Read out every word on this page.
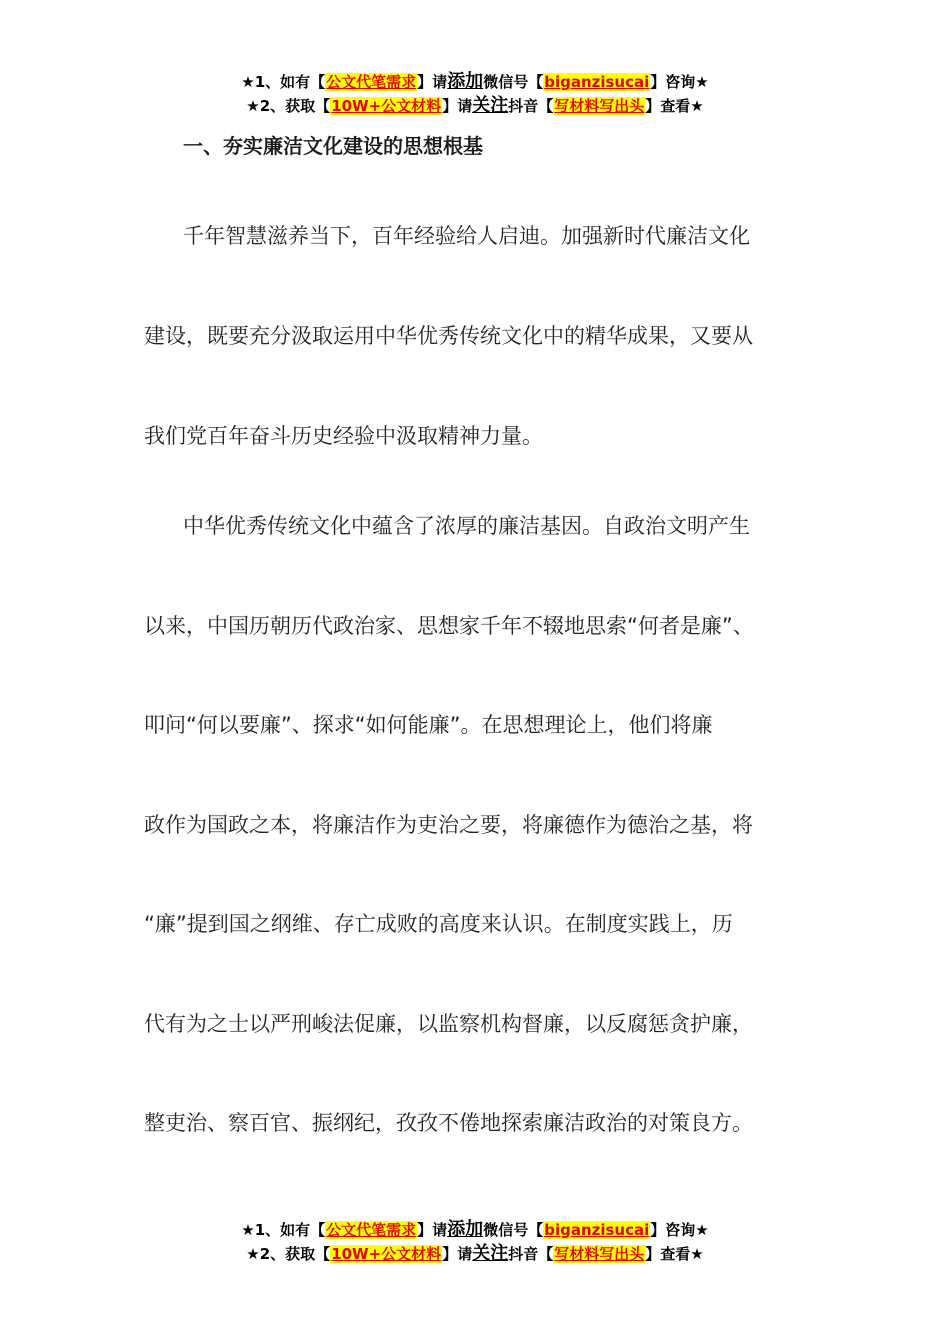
★1、如有【公文代笔需求】请添加微信号【biganzisucai】咨询★
★2、获取【10W+公文材料】请关注抖音【写材料写出头】查看★
一、夯实廉洁文化建设的思想根基
千年智慧滋养当下，百年经验给人启迪。加强新时代廉洁文化
建设，既要充分汲取运用中华优秀传统文化中的精华成果，又要从
我们党百年奋斗历史经验中汲取精神力量。
中华优秀传统文化中蕴含了浓厚的廉洁基因。自政治文明产生
以来，中国历朝历代政治家、思想家千年不辍地思索“何者是廉”、
叩问“何以要廉”、探求“如何能廉”。在思想理论上，他们将廉
政作为国政之本，将廉洁作为吏治之要，将廉德作为德治之基，将
“廉”提到国之纲维、存亡成败的高度来认识。在制度实践上，历
代有为之士以严刑峻法促廉，以监察机构督廉，以反腐惩贪护廉，
整吏治、察百官、振纲纪，孜孜不倦地探索廉洁政治的对策良方。
★1、如有【公文代笔需求】请添加微信号【biganzisucai】咨询★
★2、获取【10W+公文材料】请关注抖音【写材料写出头】查看★
